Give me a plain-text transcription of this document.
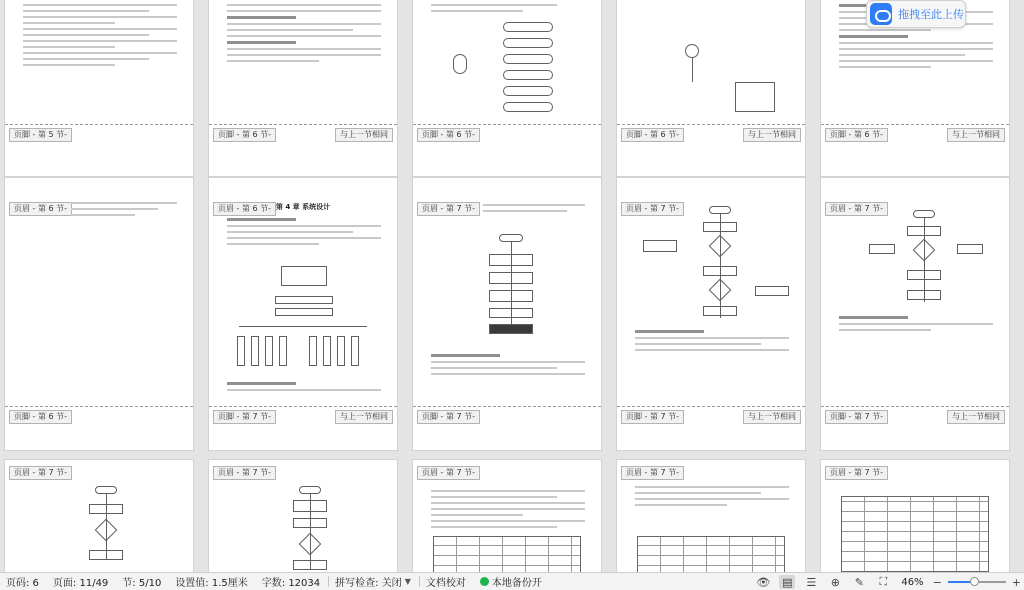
页脚 - 第 5 节-	页脚 - 第 6 节-	与上一节相同	页脚 - 第 6 节-	页脚 - 第 6 节-	与上一节相同	页脚 - 第 6 节-	与上一节相同
页眉 - 第 6 节-
页脚 - 第 6 节-
页眉 - 第 6 节- 第 4 章 系统设计
页脚 - 第 7 节-	与上一节相同
页眉 - 第 7 节-
页脚 - 第 7 节-
页眉 - 第 7 节-
页脚 - 第 7 节-	与上一节相同
页眉 - 第 7 节-
页脚 - 第 7 节-	与上一节相同
页眉 - 第 7 节-	页眉 - 第 7 节-	页眉 - 第 7 节-	页眉 - 第 7 节-	页眉 - 第 7 节-
拖拽至此上传
页码: 6 页面: 11/49 节: 5/10 设置值: 1.5厘米 字数: 12034 拼写检查: 关闭 ▼ 文档校对	本地备份开	👁 ▤ ☰	⊕	✎	⛶	46% −	+
